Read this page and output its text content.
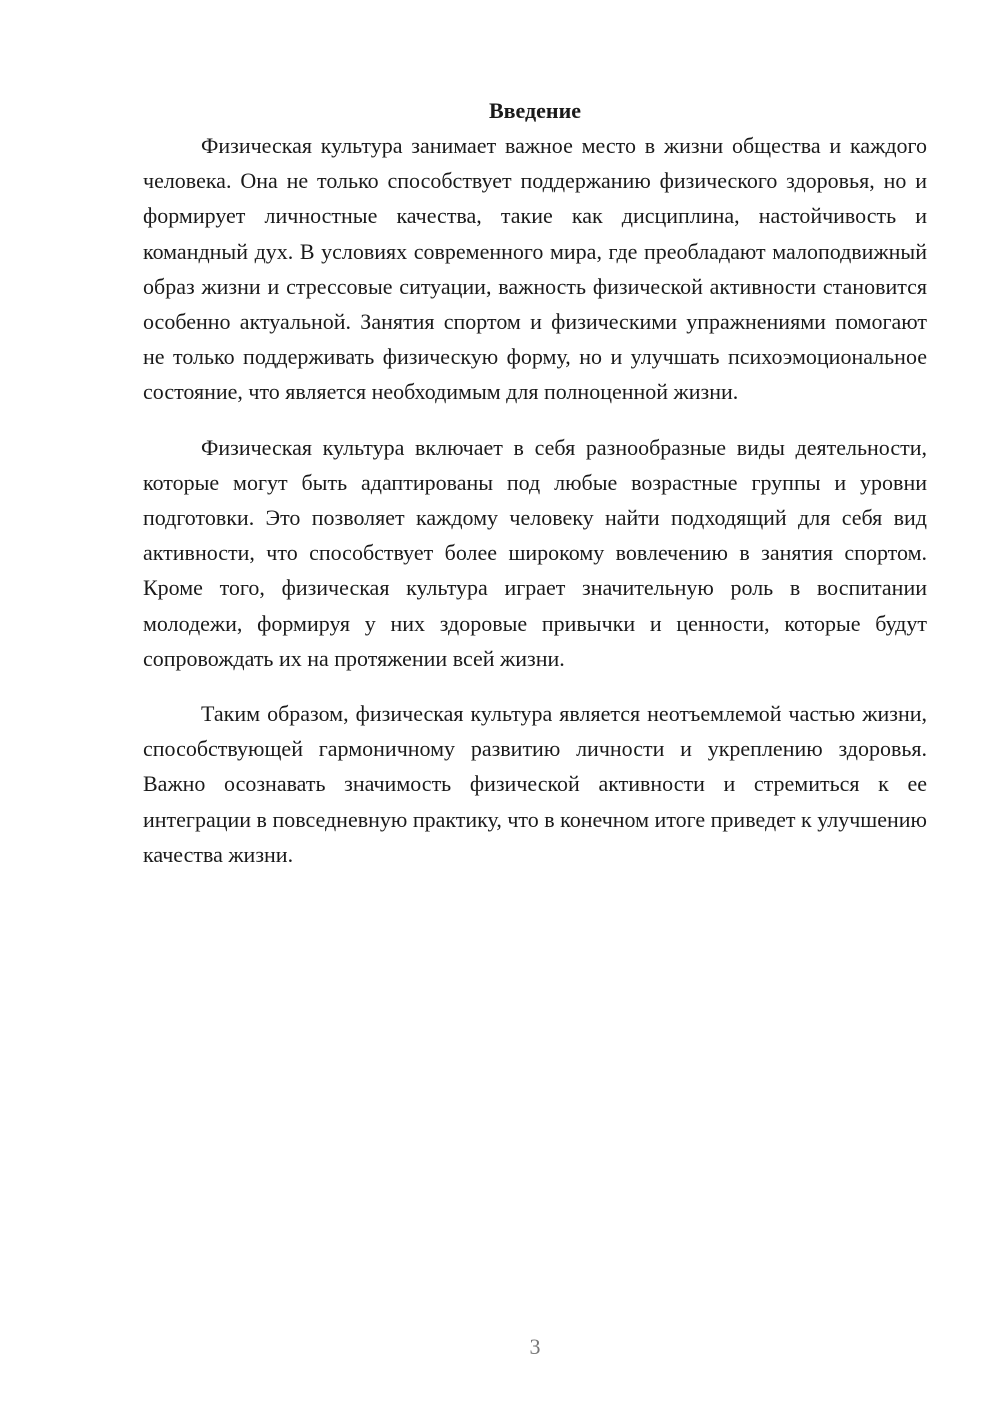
Введение

Физическая культура занимает важное место в жизни общества и каждого человека. Она не только способствует поддержанию физического здоровья, но и формирует личностные качества, такие как дисциплина, настойчивость и командный дух. В условиях современного мира, где преобладают малоподвижный образ жизни и стрессовые ситуации, важность физической активности становится особенно актуальной. Занятия спортом и физическими упражнениями помогают не только поддерживать физическую форму, но и улучшать психоэмоциональное состояние, что является необходимым для полноценной жизни.

Физическая культура включает в себя разнообразные виды деятельности, которые могут быть адаптированы под любые возрастные группы и уровни подготовки. Это позволяет каждому человеку найти подходящий для себя вид активности, что способствует более широкому вовлечению в занятия спортом. Кроме того, физическая культура играет значительную роль в воспитании молодежи, формируя у них здоровые привычки и ценности, которые будут сопровождать их на протяжении всей жизни.

Таким образом, физическая культура является неотъемлемой частью жизни, способствующей гармоничному развитию личности и укреплению здоровья. Важно осознавать значимость физической активности и стремиться к ее интеграции в повседневную практику, что в конечном итоге приведет к улучшению качества жизни.

3
